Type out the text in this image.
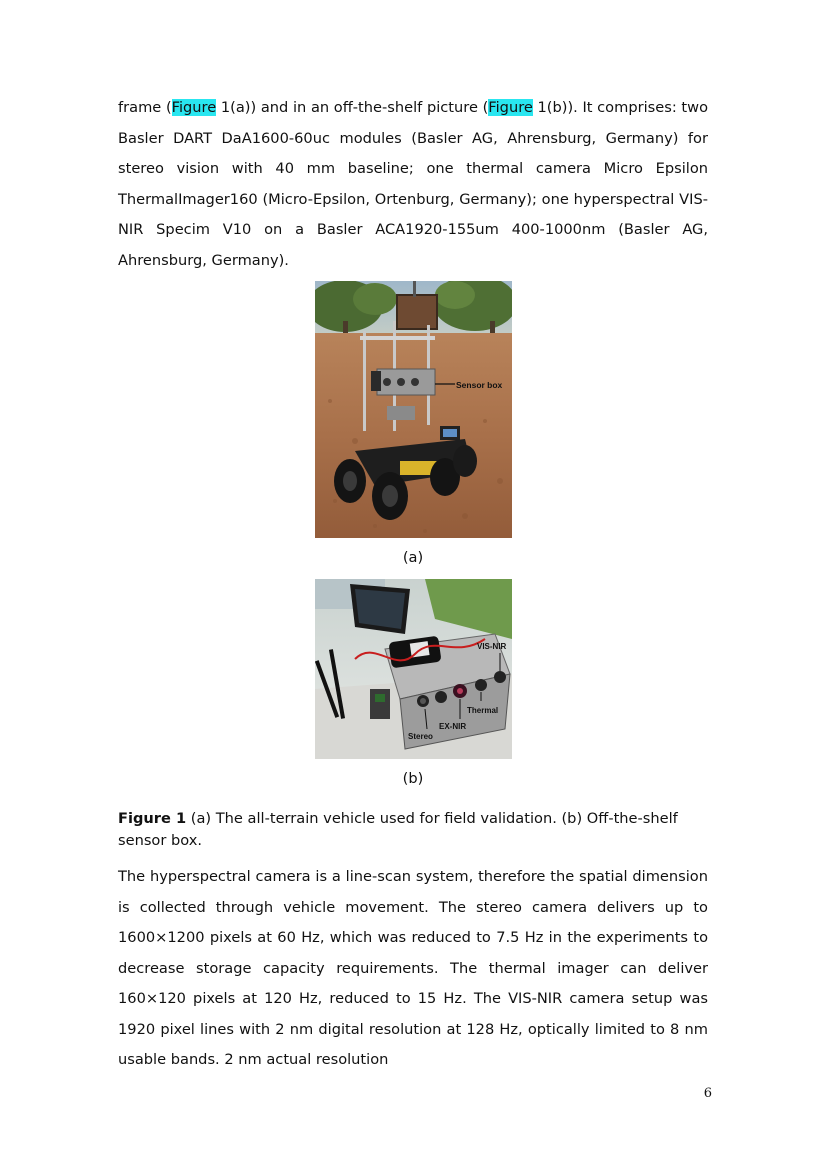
frame (Figure 1(a)) and in an off-the-shelf picture (Figure 1(b)). It comprises: two Basler DART DaA1600-60uc modules (Basler AG, Ahrensburg, Germany) for stereo vision with 40 mm baseline; one thermal camera Micro Epsilon ThermalImager160 (Micro-Epsilon, Ortenburg, Germany); one hyperspectral VIS-NIR Specim V10 on a Basler ACA1920-155um 400-1000nm (Basler AG, Ahrensburg, Germany).
Sensor box
(a)
VIS-NIR
Thermal
EX-NIR
Stereo
(b)
Figure 1 (a) The all-terrain vehicle used for field validation. (b) Off-the-shelf sensor box.
The hyperspectral camera is a line-scan system, therefore the spatial dimension is collected through vehicle movement. The stereo camera delivers up to 1600×1200 pixels at 60 Hz, which was reduced to 7.5 Hz in the experiments to decrease storage capacity requirements. The thermal imager can deliver 160×120 pixels at 120 Hz, reduced to 15 Hz. The VIS-NIR camera setup was 1920 pixel lines with 2 nm digital resolution at 128 Hz, optically limited to 8 nm usable bands. 2 nm actual resolution
6
